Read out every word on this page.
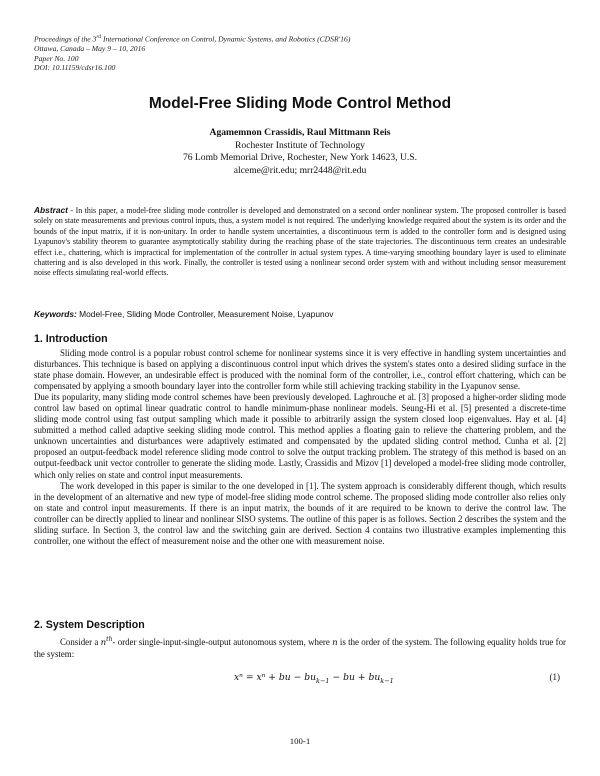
Proceedings of the 3rd International Conference on Control, Dynamic Systems, and Robotics (CDSR'16)
Ottawa, Canada – May 9 – 10, 2016
Paper No. 100
DOI: 10.11159/cdsr16.100
Model-Free Sliding Mode Control Method
Agamemnon Crassidis, Raul Mittmann Reis
Rochester Institute of Technology
76 Lomb Memorial Drive, Rochester, New York 14623, U.S.
alceme@rit.edu; mrr2448@rit.edu
Abstract - In this paper, a model-free sliding mode controller is developed and demonstrated on a second order nonlinear system. The proposed controller is based solely on state measurements and previous control inputs, thus, a system model is not required. The underlying knowledge required about the system is its order and the bounds of the input matrix, if it is non-unitary. In order to handle system uncertainties, a discontinuous term is added to the controller form and is designed using Lyapunov's stability theorem to guarantee asymptotically stability during the reaching phase of the state trajectories. The discontinuous term creates an undesirable effect i.e., chattering, which is impractical for implementation of the controller in actual system types. A time-varying smoothing boundary layer is used to eliminate chattering and is also developed in this work. Finally, the controller is tested using a nonlinear second order system with and without including sensor measurement noise effects simulating real-world effects.
Keywords: Model-Free, Sliding Mode Controller, Measurement Noise, Lyapunov
1. Introduction

Sliding mode control is a popular robust control scheme for nonlinear systems since it is very effective in handling system uncertainties and disturbances. This technique is based on applying a discontinuous control input which drives the system's states onto a desired sliding surface in the state phase domain. However, an undesirable effect is produced with the nominal form of the controller, i.e., control effort chattering, which can be compensated by applying a smooth boundary layer into the controller form while still achieving tracking stability in the Lyapunov sense.

Due its popularity, many sliding mode control schemes have been previously developed. Laghrouche et al. [3] proposed a higher-order sliding mode control law based on optimal linear quadratic control to handle minimum-phase nonlinear models. Seung-Hi et al. [5] presented a discrete-time sliding mode control using fast output sampling which made it possible to arbitrarily assign the system closed loop eigenvalues. Hay et al. [4] submitted a method called adaptive seeking sliding mode control. This method applies a floating gain to relieve the chattering problem, and the unknown uncertainties and disturbances were adaptively estimated and compensated by the updated sliding control method. Cunha et al. [2] proposed an output-feedback model reference sliding mode control to solve the output tracking problem. The strategy of this method is based on an output-feedback unit vector controller to generate the sliding mode. Lastly, Crassidis and Mizov [1] developed a model-free sliding mode controller, which only relies on state and control input measurements.

The work developed in this paper is similar to the one developed in [1]. The system approach is considerably different though, which results in the development of an alternative and new type of model-free sliding mode control scheme. The proposed sliding mode controller also relies only on state and control input measurements. If there is an input matrix, the bounds of it are required to be known to derive the control law. The controller can be directly applied to linear and nonlinear SISO systems. The outline of this paper is as follows. Section 2 describes the system and the sliding surface. In Section 3, the control law and the switching gain are derived. Section 4 contains two illustrative examples implementing this controller, one without the effect of measurement noise and the other one with measurement noise.

2. System Description

Consider a $n^{th}-$ order single-input-single-output autonomous system, where n is the order of the system. The following equality holds true for the system:

xⁿ = xⁿ + bu − $bu_{k-1}$ − bu + $bu_{k-1}$	(1)
100-1
